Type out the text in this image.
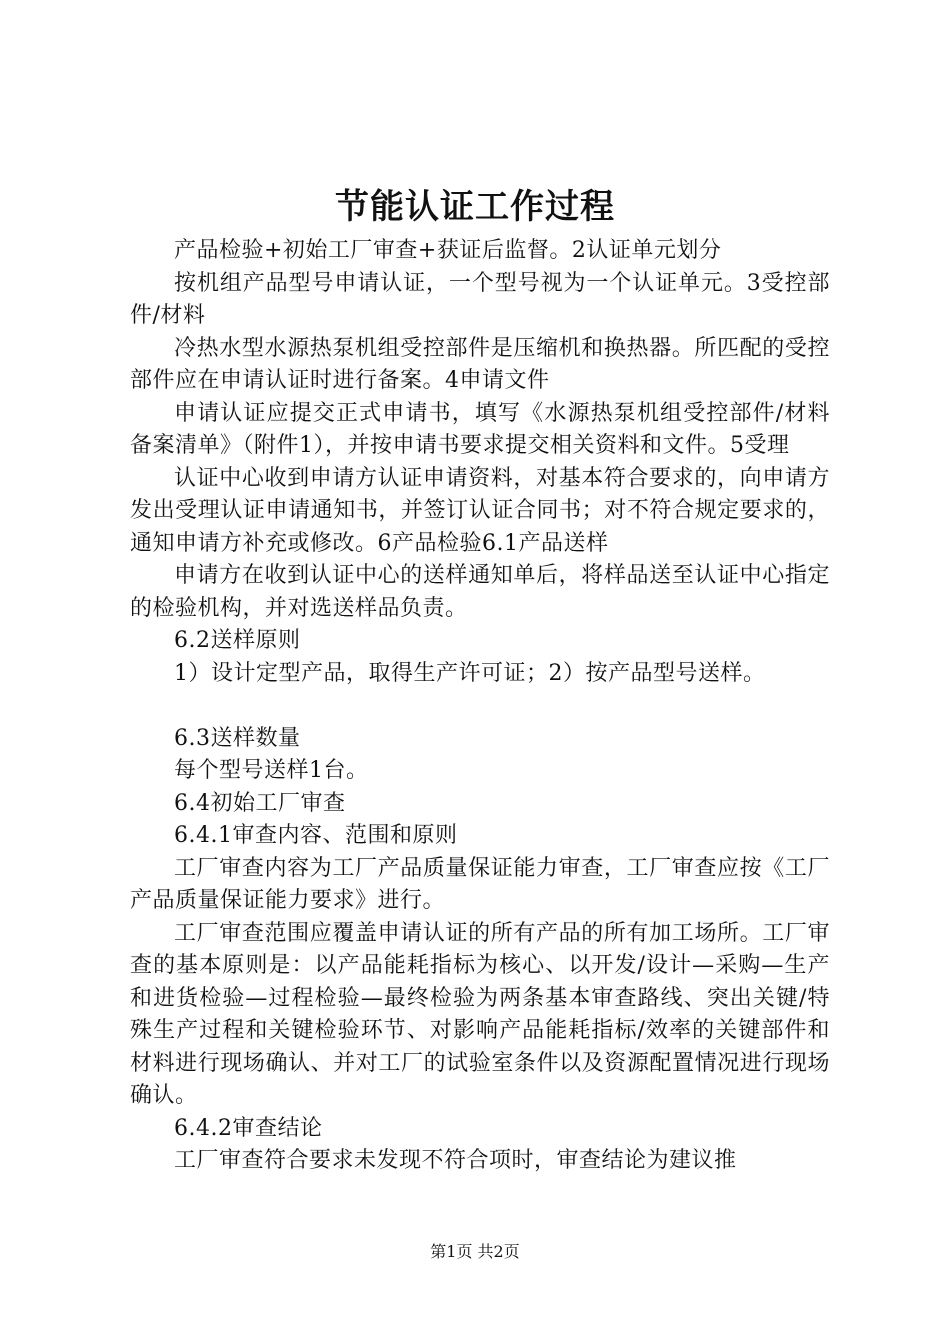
节能认证工作过程

产品检验+初始工厂审查+获证后监督。2认证单元划分

按机组产品型号申请认证，一个型号视为一个认证单元。3受控部件/材料

冷热水型水源热泵机组受控部件是压缩机和换热器。所匹配的受控部件应在申请认证时进行备案。4申请文件

申请认证应提交正式申请书，填写《水源热泵机组受控部件/材料备案清单》（附件1），并按申请书要求提交相关资料和文件。5受理

认证中心收到申请方认证申请资料，对基本符合要求的，向申请方发出受理认证申请通知书，并签订认证合同书；对不符合规定要求的，通知申请方补充或修改。6产品检验6.1产品送样

申请方在收到认证中心的送样通知单后，将样品送至认证中心指定的检验机构，并对选送样品负责。

6.2送样原则

1）设计定型产品，取得生产许可证；2）按产品型号送样。

6.3送样数量

每个型号送样1台。

6.4初始工厂审查

6.4.1审查内容、范围和原则

工厂审查内容为工厂产品质量保证能力审查，工厂审查应按《工厂产品质量保证能力要求》进行。

工厂审查范围应覆盖申请认证的所有产品的所有加工场所。工厂审查的基本原则是：以产品能耗指标为核心、以开发/设计—采购—生产和进货检验—过程检验—最终检验为两条基本审查路线、突出关键/特殊生产过程和关键检验环节、对影响产品能耗指标/效率的关键部件和材料进行现场确认、并对工厂的试验室条件以及资源配置情况进行现场确认。

6.4.2审查结论

工厂审查符合要求未发现不符合项时，审查结论为建议推

第1页 共2页
